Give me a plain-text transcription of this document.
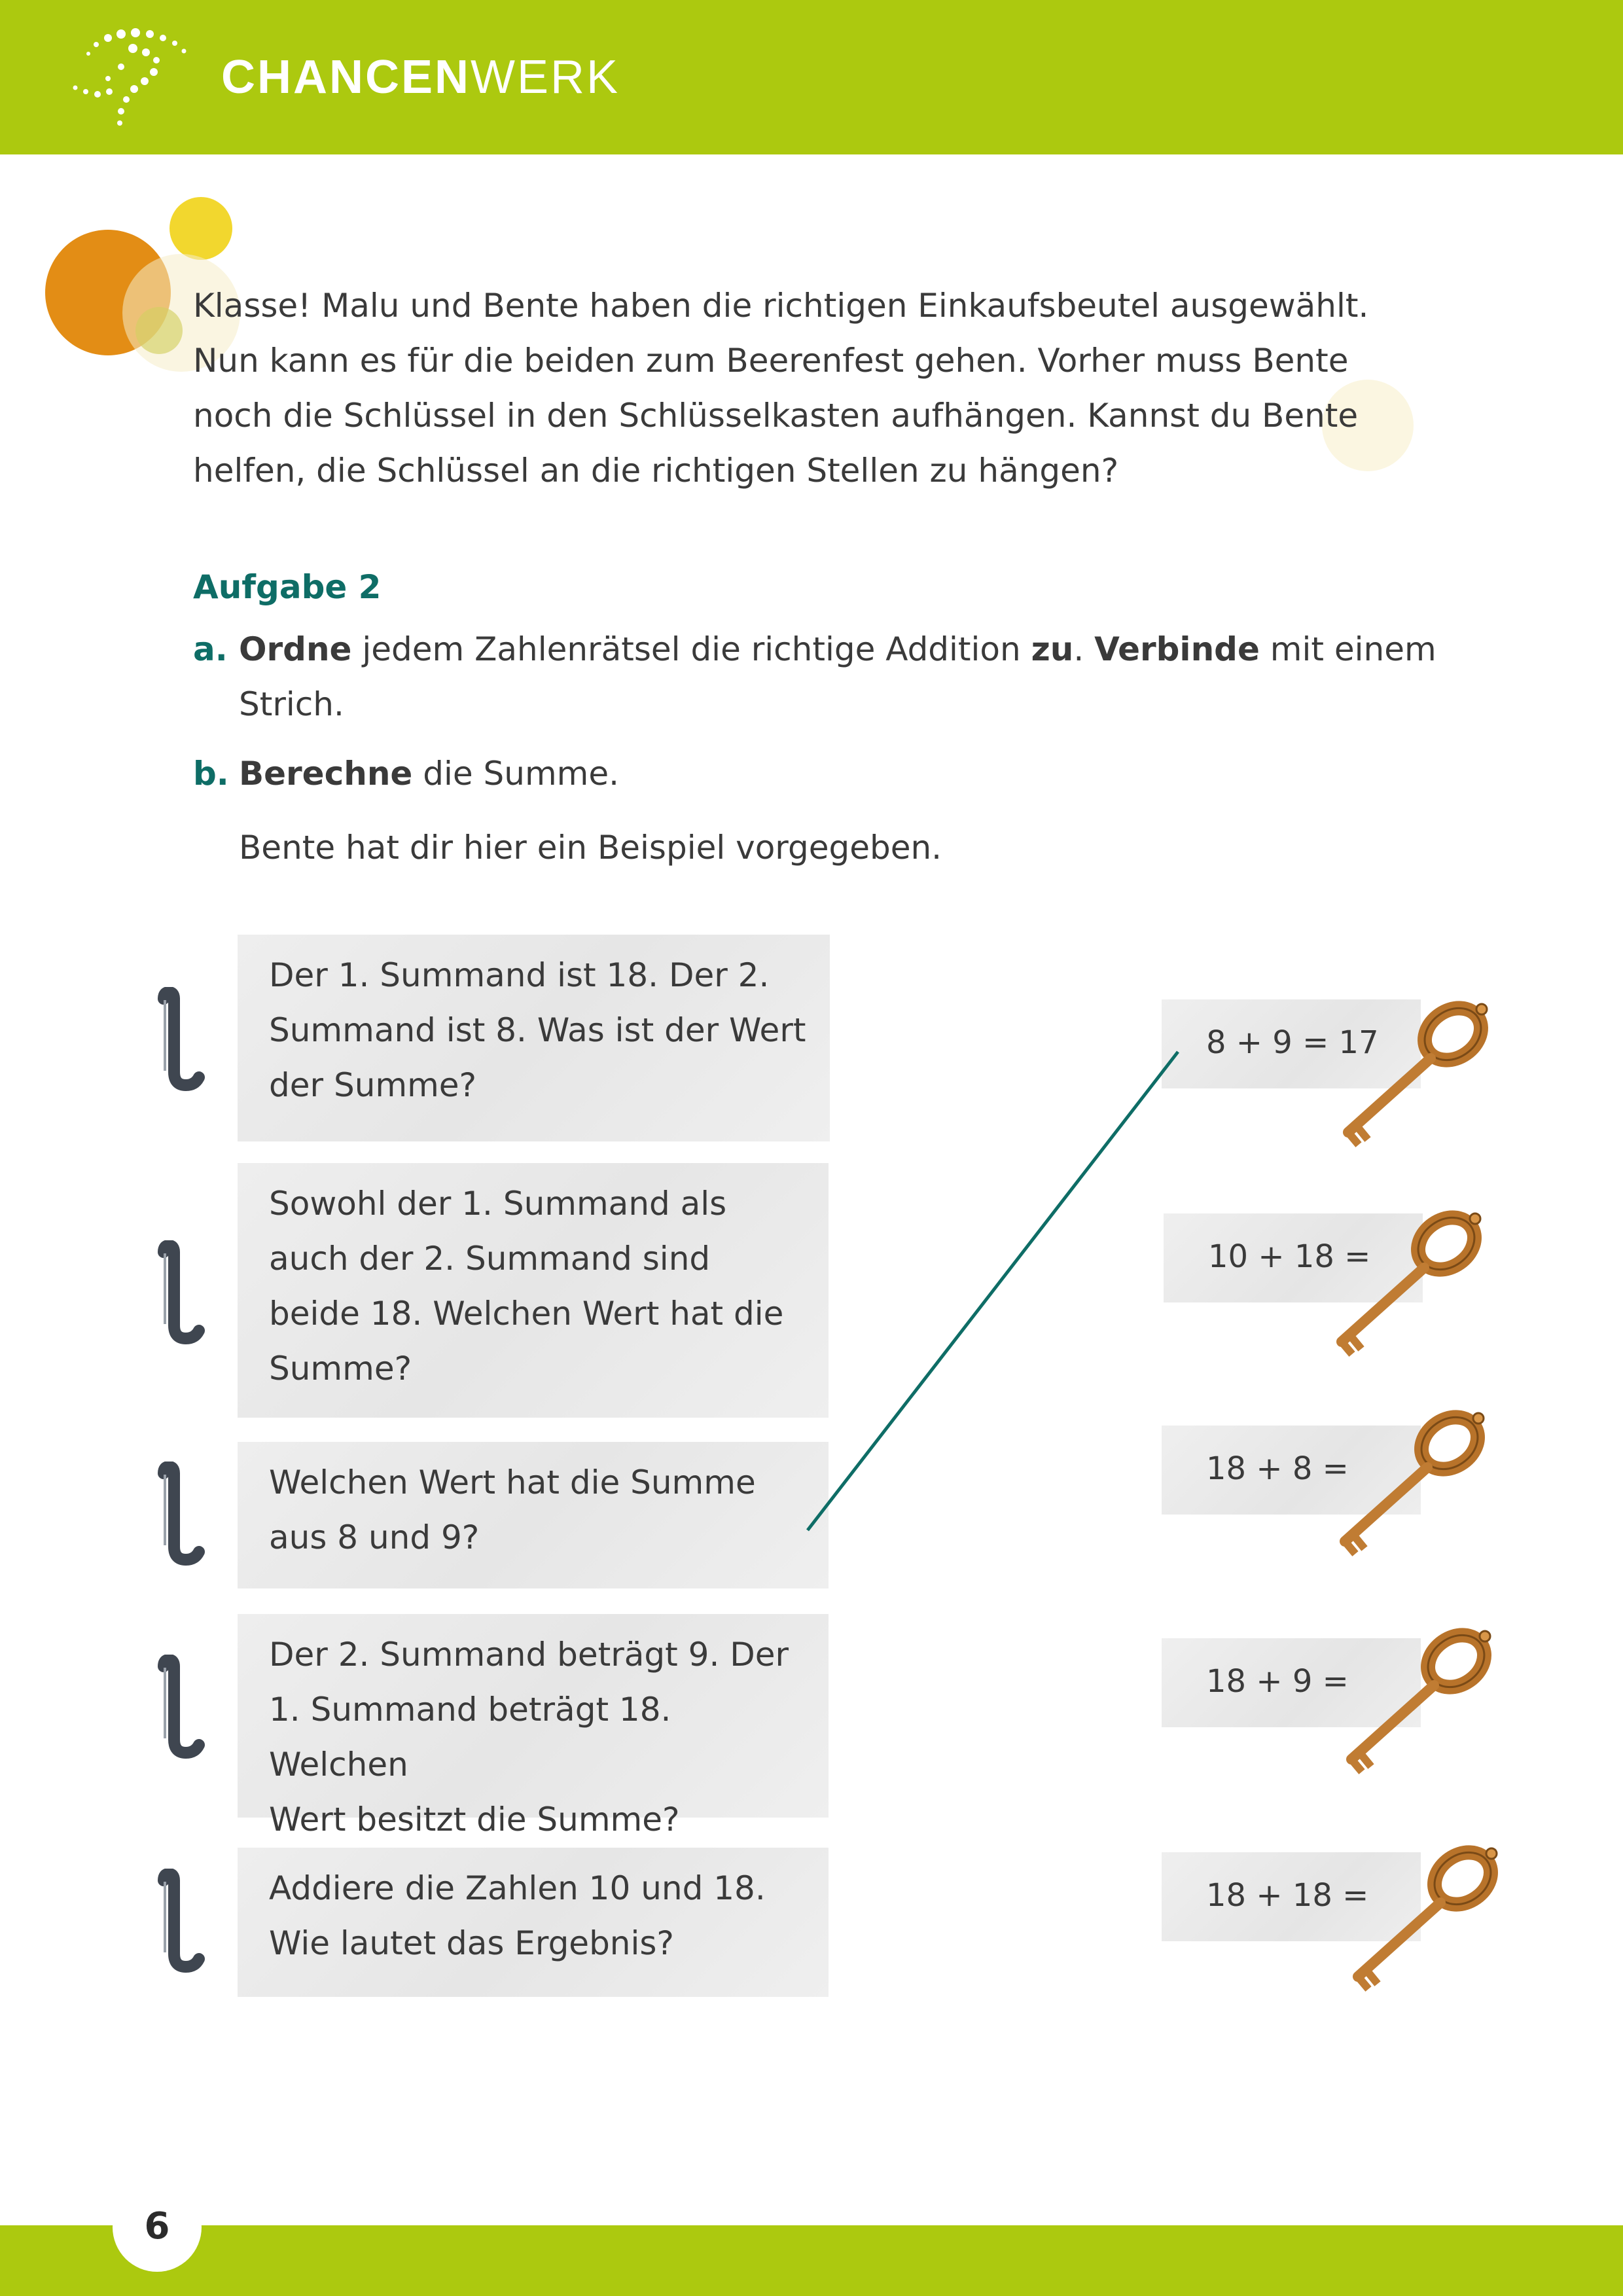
CHANCENWERK

Klasse! Malu und Bente haben die richtigen Einkaufsbeutel ausgewählt.

Nun kann es für die beiden zum Beerenfest gehen. Vorher muss Bente

noch die Schlüssel in den Schlüsselkasten aufhängen. Kannst du Bente

helfen, die Schlüssel an die richtigen Stellen zu hängen?

Aufgabe 2
a. Ordne jedem Zahlenrätsel die richtige Addition zu. Verbinde mit einem
Strich.
b. Berechne die Summe.
Bente hat dir hier ein Beispiel vorgegeben.
Der 1. Summand ist 18. Der 2.
Summand ist 8. Was ist der Wert
der Summe?
Sowohl der 1. Summand als
auch der 2. Summand sind
beide 18. Welchen Wert hat die
Summe?
Welchen Wert hat die Summe
aus 8 und 9?
Der 2. Summand beträgt 9. Der
1. Summand beträgt 18. Welchen
Wert besitzt die Summe?
Addiere die Zahlen 10 und 18.
Wie lautet das Ergebnis?
8 + 9 = 17
10 + 18 =
18 + 8 =
18 + 9 =
18 + 18 =
6
